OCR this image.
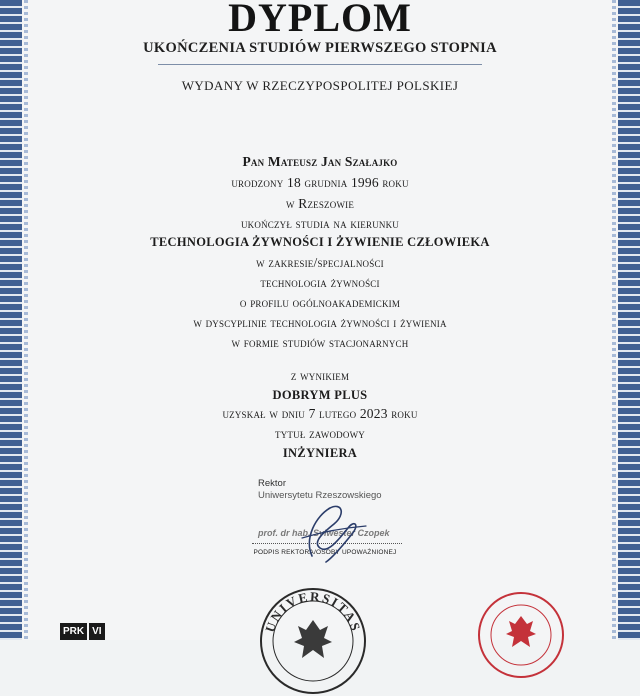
DYPLOM
UKOŃCZENIA STUDIÓW PIERWSZEGO STOPNIA
WYDANY W RZECZYPOSPOLITEJ POLSKIEJ
Pan Mateusz Jan Szałajko
urodzony 18 grudnia 1996 roku
w Rzeszowie
ukończył studia na kierunku
TECHNOLOGIA ŻYWNOŚCI I ŻYWIENIE CZŁOWIEKA
w zakresie/specjalności
technologia żywności
o profilu ogólnoakademickim
w dyscyplinie technologia żywności i żywienia
w formie studiów stacjonarnych
z wynikiem
DOBRYM PLUS
uzyskał w dniu 7 lutego 2023 roku
tytuł zawodowy
INŻYNIERA
Rektor
Uniwersytetu Rzeszowskiego
prof. dr hab. Sylwester Czopek
PODPIS REKTORA/OSOBY UPOWAŻNIONEJ
UNIVERSITAS
PRK VI
